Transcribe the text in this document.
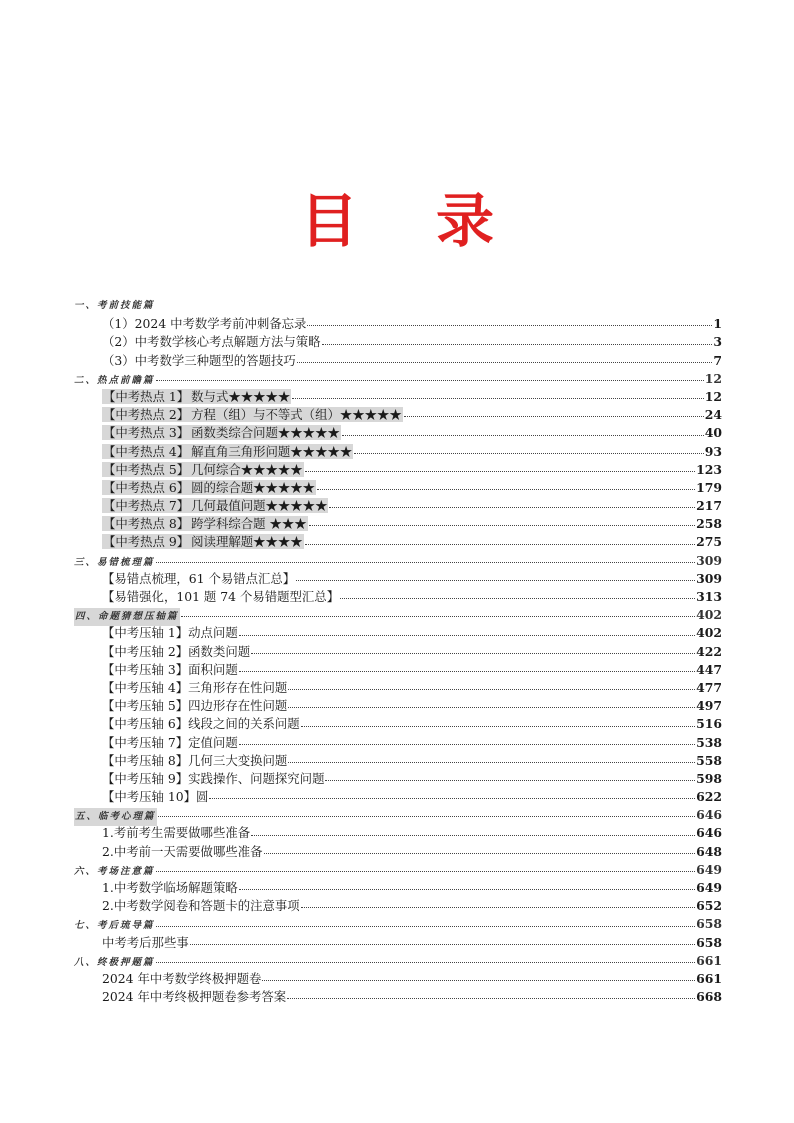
目 录
一、考前技能篇
（1）2024 中考数学考前冲刺备忘录	1
（2）中考数学核心考点解题方法与策略	3
（3）中考数学三种题型的答题技巧	7
二、热点前瞻篇	12
【中考热点 1】 数与式★★★★★	12
【中考热点 2】 方程（组）与不等式（组）★★★★★	24
【中考热点 3】 函数类综合问题★★★★★	40
【中考热点 4】 解直角三角形问题★★★★★	93
【中考热点 5】 几何综合★★★★★	123
【中考热点 6】 圆的综合题★★★★★	179
【中考热点 7】 几何最值问题★★★★★	217
【中考热点 8】 跨学科综合题 ★★★	258
【中考热点 9】 阅读理解题★★★★	275
三、易错梳理篇	309
【易错点梳理，61 个易错点汇总】	309
【易错强化，101 题 74 个易错题型汇总】	313
四、命题猜想压轴篇	402
【中考压轴 1】动点问题	402
【中考压轴 2】函数类问题	422
【中考压轴 3】面积问题	447
【中考压轴 4】三角形存在性问题	477
【中考压轴 5】四边形存在性问题	497
【中考压轴 6】线段之间的关系问题	516
【中考压轴 7】定值问题	538
【中考压轴 8】几何三大变换问题	558
【中考压轴 9】实践操作、问题探究问题	598
【中考压轴 10】圆	622
五、临考心理篇	646
1.考前考生需要做哪些准备	646
2.中考前一天需要做哪些准备	648
六、考场注意篇	649
1.中考数学临场解题策略	649
2.中考数学阅卷和答题卡的注意事项	652
七、考后琉导篇	658
中考考后那些事	658
八、终极押题篇	661
2024 年中考数学终极押题卷	661
2024 年中考终极押题卷参考答案	668
